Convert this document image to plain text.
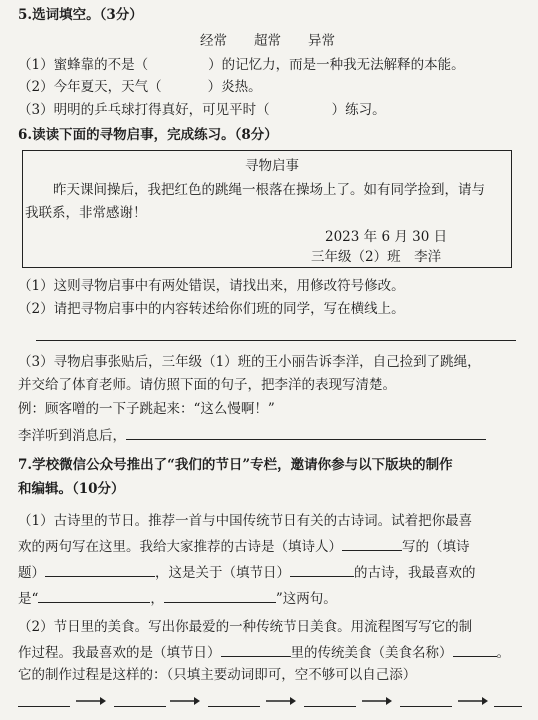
5.选词填空。（3分）
经常　　超常　　异常
（1）蜜蜂靠的不是（	）的记忆力，而是一种我无法解释的本能。
（2）今年夏天，天气（	）炎热。
（3）明明的乒乓球打得真好，可见平时（	）练习。
6.读读下面的寻物启事，完成练习。（8分）
寻物启事
昨天课间操后，我把红色的跳绳一根落在操场上了。如有同学捡到，请与
我联系，非常感谢！
2023 年 6 月 30 日
三年级（2）班　李洋
（1）这则寻物启事中有两处错误，请找出来，用修改符号修改。
（2）请把寻物启事中的内容转述给你们班的同学，写在横线上。
（3）寻物启事张贴后，三年级（1）班的王小丽告诉李洋，自己捡到了跳绳，
并交给了体育老师。请仿照下面的句子，把李洋的表现写清楚。
例：顾客噌的一下子跳起来：“这么慢啊！”
李洋听到消息后，
7.学校微信公众号推出了“我们的节日”专栏，邀请你参与以下版块的制作
和编辑。（10分）
（1）古诗里的节日。推荐一首与中国传统节日有关的古诗词。试着把你最喜
欢的两句写在这里。我给大家推荐的古诗是（填诗人）	写的（填诗
题）	，这是关于（填节日）	的古诗，我最喜欢的
是“	，	”这两句。
（2）节日里的美食。写出你最爱的一种传统节日美食。用流程图写写它的制
作过程。我最喜欢的是（填节日）	里的传统美食（美食名称）	。
它的制作过程是这样的：（只填主要动词即可，空不够可以自己添）
